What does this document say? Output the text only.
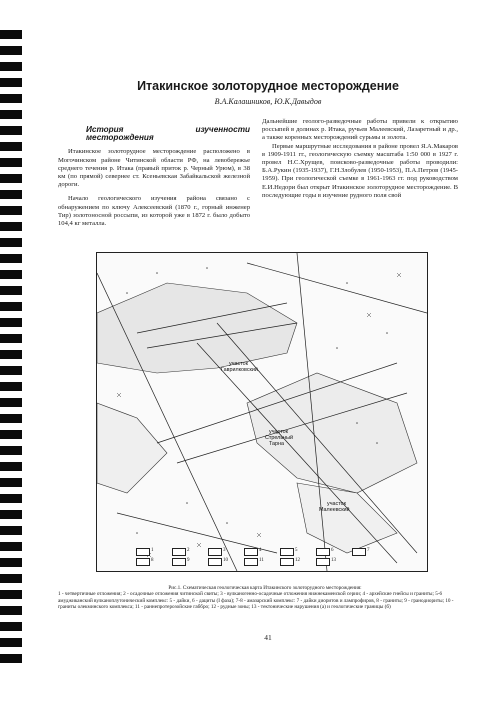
Итакинское золоторудное месторождение
В.А.Калашников, Ю.К.Давыдов

История изученности месторождения

Итакинское золоторудное месторождение расположено в Могочинском районе Читинской области РФ, на левобережье среднего течения р. Итака (правый приток р. Черный Урюм), в 38 км (по прямой) севернее ст. Ксеньевская Забайкальской железной дороги.

Начало геологического изучения района связано с обнаружением по ключу Алексеевский (1870 г., горный инженер Тир) золотоносной россыпи, из которой уже в 1872 г. было добыто 104,4 кг металла.

Дальнейшие геолого-разведочные работы привели к открытию россыпей в долинах р. Итака, ручьев Малеевский, Лазаретный и др., а также коренных месторождений сурьмы и золота.

Первые маршрутные исследования в районе провел Я.А.Макаров в 1909-1911 гг., геологическую съемку масштаба 1:50 000 в 1927 г. провел Н.С.Хрущев, поисково-разведочные работы проводили: Б.А.Рукин (1935-1937), Г.Н.Злобулев (1950-1953), П.А.Петров (1945-1959). При геологической съемке в 1961-1963 гг. под руководством Е.И.Недори был открыт Итакинское золоторудное месторождение. В последующие годы в изучение рудного поля свой

участок Гаврилковский
участок Стрельный Тарна
участок Малеевский
1	2	3	4	5	6	7
8	9	10	11	12	13
Рис.1. Схематическая геологическая карта Итакинского золоторудного месторождения:
1 - четвертичные отложения; 2 - осадочные отложения читинской свиты; 3 - вулканогенно-осадочные отложения нижнекаменской серии; 4 - архейские гнейсы и граниты; 5-6 амуджиканский вулканоплутонический комплекс: 5 - дайки, 6 - дациты (I фаза); 7-8 - амазарский комплекс: 7 - дайки диоритов и лампрофиров, 8 - граниты; 9 - гранодиориты; 10 - граниты олекминского комплекса; 11 - раннепротерозойские габбро; 12 - рудные зоны; 13 - тектонические нарушения (а) и геологические границы (б)
41
